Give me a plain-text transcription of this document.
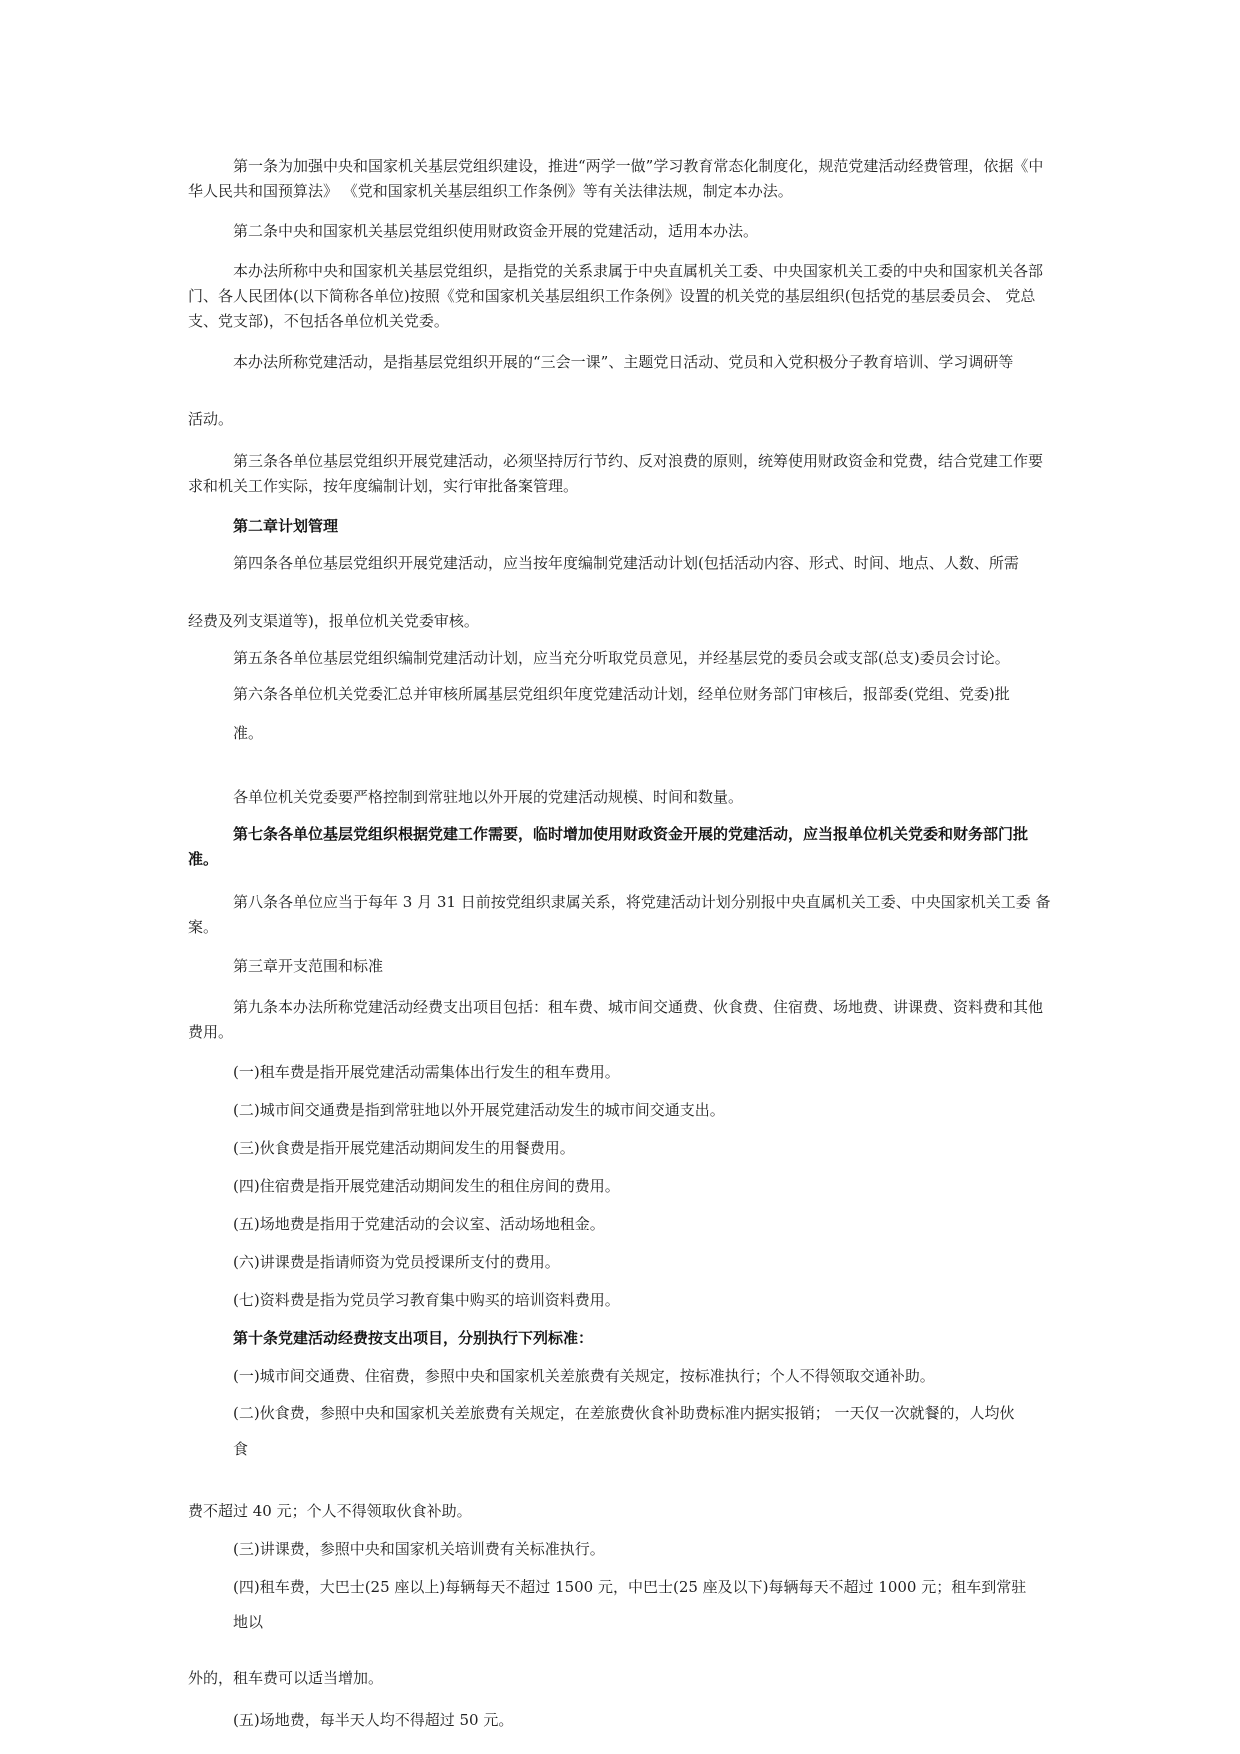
第一条为加强中央和国家机关基层党组织建设，推进“两学一做”学习教育常态化制度化，规范党建活动经费管理，依据《中华人民共和国预算法》 《党和国家机关基层组织工作条例》等有关法律法规，制定本办法。

第二条中央和国家机关基层党组织使用财政资金开展的党建活动，适用本办法。

本办法所称中央和国家机关基层党组织，是指党的关系隶属于中央直属机关工委、中央国家机关工委的中央和国家机关各部门、各人民团体(以下简称各单位)按照《党和国家机关基层组织工作条例》设置的机关党的基层组织(包括党的基层委员会、 党总支、党支部)，不包括各单位机关党委。

本办法所称党建活动，是指基层党组织开展的“三会一课”、主题党日活动、党员和入党积极分子教育培训、学习调研等

活动。

第三条各单位基层党组织开展党建活动，必须坚持厉行节约、反对浪费的原则，统筹使用财政资金和党费，结合党建工作要求和机关工作实际，按年度编制计划，实行审批备案管理。

第二章计划管理

第四条各单位基层党组织开展党建活动，应当按年度编制党建活动计划(包括活动内容、形式、时间、地点、人数、所需

经费及列支渠道等)，报单位机关党委审核。

第五条各单位基层党组织编制党建活动计划，应当充分听取党员意见，并经基层党的委员会或支部(总支)委员会讨论。

第六条各单位机关党委汇总并审核所属基层党组织年度党建活动计划，经单位财务部门审核后，报部委(党组、党委)批

准。

各单位机关党委要严格控制到常驻地以外开展的党建活动规模、时间和数量。

第七条各单位基层党组织根据党建工作需要，临时增加使用财政资金开展的党建活动，应当报单位机关党委和财务部门批准。

第八条各单位应当于每年 3 月 31 日前按党组织隶属关系，将党建活动计划分别报中央直属机关工委、中央国家机关工委 备案。

第三章开支范围和标准

第九条本办法所称党建活动经费支出项目包括：租车费、城市间交通费、伙食费、住宿费、场地费、讲课费、资料费和其他费用。

(一)租车费是指开展党建活动需集体出行发生的租车费用。

(二)城市间交通费是指到常驻地以外开展党建活动发生的城市间交通支出。

(三)伙食费是指开展党建活动期间发生的用餐费用。

(四)住宿费是指开展党建活动期间发生的租住房间的费用。

(五)场地费是指用于党建活动的会议室、活动场地租金。

(六)讲课费是指请师资为党员授课所支付的费用。

(七)资料费是指为党员学习教育集中购买的培训资料费用。

第十条党建活动经费按支出项目，分别执行下列标准：

(一)城市间交通费、住宿费，参照中央和国家机关差旅费有关规定，按标准执行；个人不得领取交通补助。

(二)伙食费，参照中央和国家机关差旅费有关规定，在差旅费伙食补助费标准内据实报销； 一天仅一次就餐的，人均伙

食

费不超过 40 元；个人不得领取伙食补助。

(三)讲课费，参照中央和国家机关培训费有关标准执行。

(四)租车费，大巴士(25 座以上)每辆每天不超过 1500 元，中巴士(25 座及以下)每辆每天不超过 1000 元；租车到常驻

地以

外的，租车费可以适当增加。

(五)场地费，每半天人均不得超过 50 元。
